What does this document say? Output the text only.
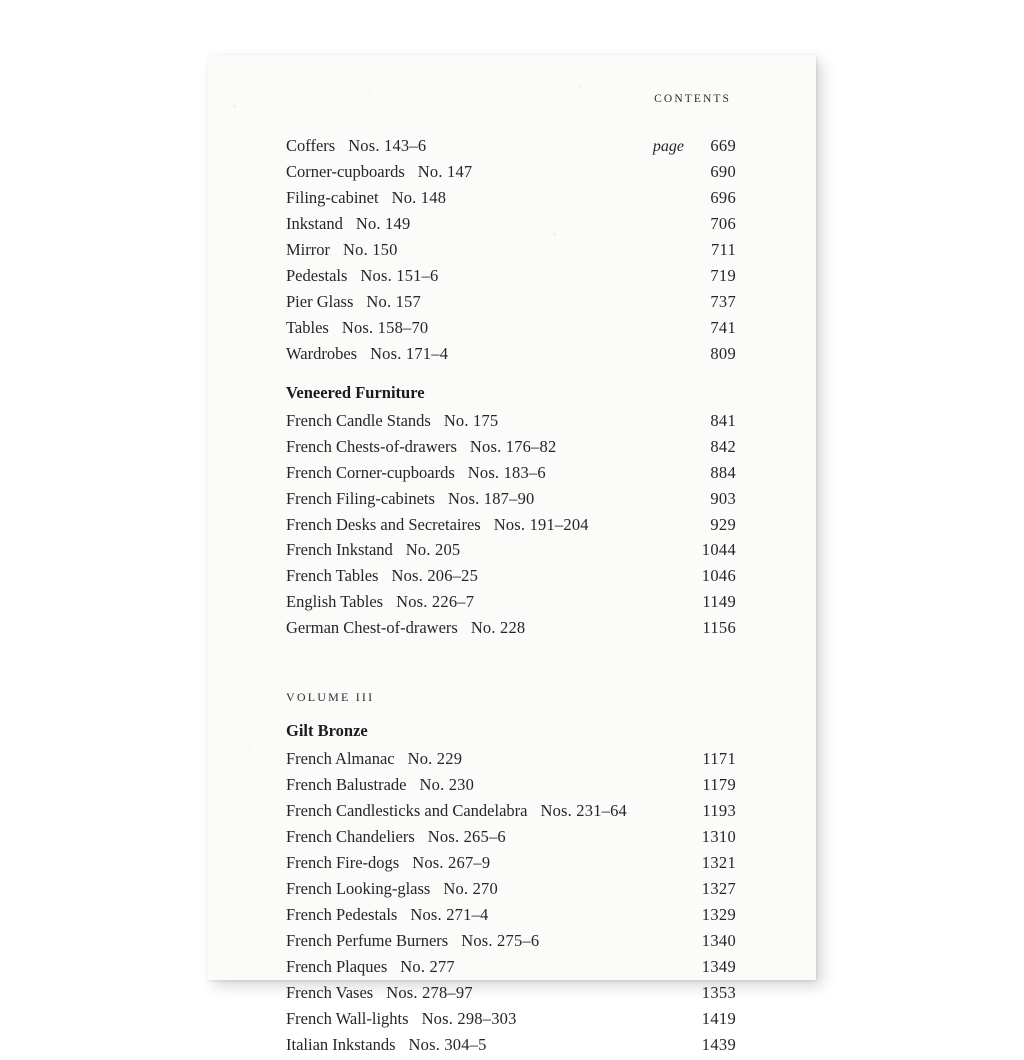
CONTENTS
Coffers Nos. 143–6	page	669
Corner-cupboards No. 147	690
Filing-cabinet No. 148	696
Inkstand No. 149	706
Mirror No. 150	711
Pedestals Nos. 151–6	719
Pier Glass No. 157	737
Tables Nos. 158–70	741
Wardrobes Nos. 171–4	809
Veneered Furniture
French Candle Stands No. 175	841
French Chests-of-drawers Nos. 176–82	842
French Corner-cupboards Nos. 183–6	884
French Filing-cabinets Nos. 187–90	903
French Desks and Secretaires Nos. 191–204	929
French Inkstand No. 205	1044
French Tables Nos. 206–25	1046
English Tables Nos. 226–7	1149
German Chest-of-drawers No. 228	1156
VOLUME III
Gilt Bronze
French Almanac No. 229	1171
French Balustrade No. 230	1179
French Candlesticks and Candelabra Nos. 231–64	1193
French Chandeliers Nos. 265–6	1310
French Fire-dogs Nos. 267–9	1321
French Looking-glass No. 270	1327
French Pedestals Nos. 271–4	1329
French Perfume Burners Nos. 275–6	1340
French Plaques No. 277	1349
French Vases Nos. 278–97	1353
French Wall-lights Nos. 298–303	1419
Italian Inkstands Nos. 304–5	1439
